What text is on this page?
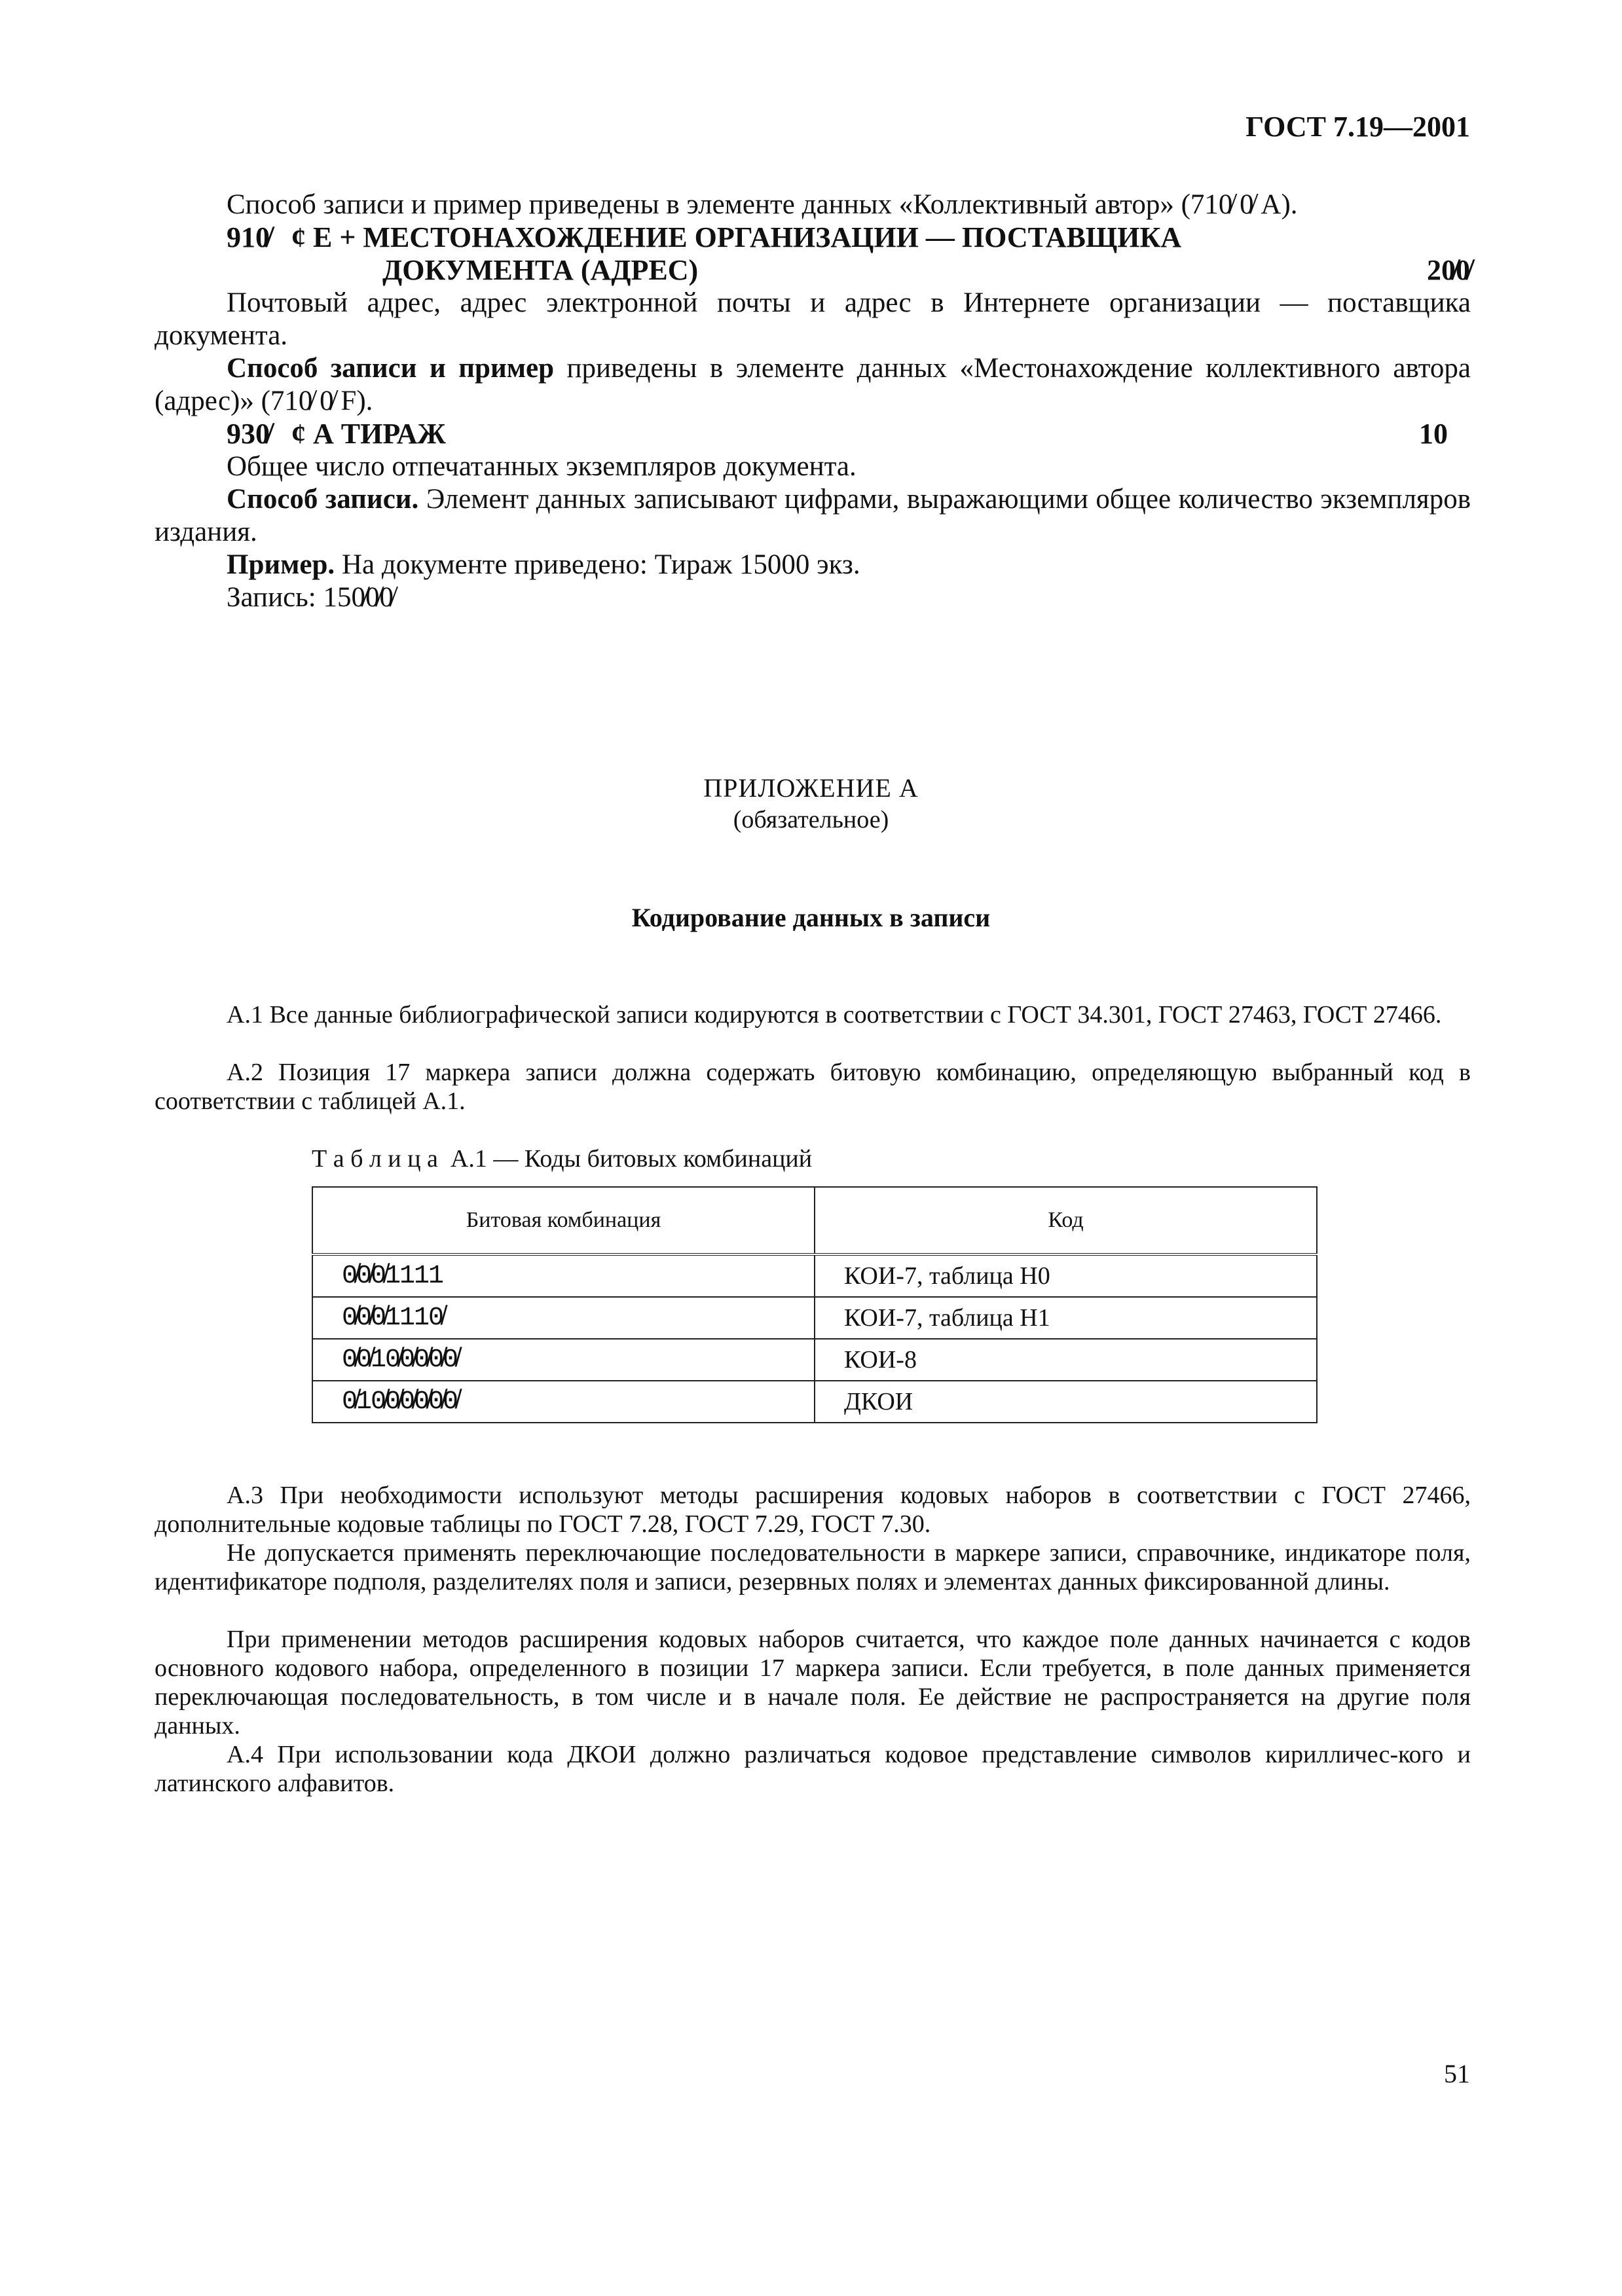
ГОСТ 7.19—2001
Способ записи и пример приведены в элементе данных «Коллективный автор» (710̸ 0̸ А).
910̸ ¢ Е + МЕСТОНАХОЖДЕНИЕ ОРГАНИЗАЦИИ — ПОСТАВЩИКА
ДОКУМЕНТА (АДРЕС)	20̸0̸
Почтовый адрес, адрес электронной почты и адрес в Интернете организации — поставщика документа.
Способ записи и пример приведены в элементе данных «Местонахождение коллективного автора (адрес)» (710̸ 0̸ F).
930̸ ¢ А ТИРАЖ	10
Общее число отпечатанных экземпляров документа.
Способ записи. Элемент данных записывают цифрами, выражающими общее количество экземпляров издания.
Пример. На документе приведено: Тираж 15000 экз.
Запись: 150̸0̸0̸
ПРИЛОЖЕНИЕ А
(обязательное)
Кодирование данных в записи
А.1 Все данные библиографической записи кодируются в соответствии с ГОСТ 34.301, ГОСТ 27463, ГОСТ 27466.
А.2 Позиция 17 маркера записи должна содержать битовую комбинацию, определяющую выбранный код в соответствии с таблицей А.1.
Т а б л и ц а А.1 — Коды битовых комбинаций
Битовая комбинация	Код
0̸0̸0̸1111	КОИ-7, таблица Н0
0̸0̸0̸1110̸	КОИ-7, таблица Н1
0̸0̸10̸0̸0̸0̸0̸	КОИ-8
0̸10̸0̸0̸0̸0̸0̸	ДКОИ
А.3 При необходимости используют методы расширения кодовых наборов в соответствии с ГОСТ 27466, дополнительные кодовые таблицы по ГОСТ 7.28, ГОСТ 7.29, ГОСТ 7.30.
Не допускается применять переключающие последовательности в маркере записи, справочнике, индикаторе поля, идентификаторе подполя, разделителях поля и записи, резервных полях и элементах данных фиксированной длины.
При применении методов расширения кодовых наборов считается, что каждое поле данных начинается с кодов основного кодового набора, определенного в позиции 17 маркера записи. Если требуется, в поле данных применяется переключающая последовательность, в том числе и в начале поля. Ее действие не распространяется на другие поля данных.
А.4 При использовании кода ДКОИ должно различаться кодовое представление символов кирилличес-кого и латинского алфавитов.
51
